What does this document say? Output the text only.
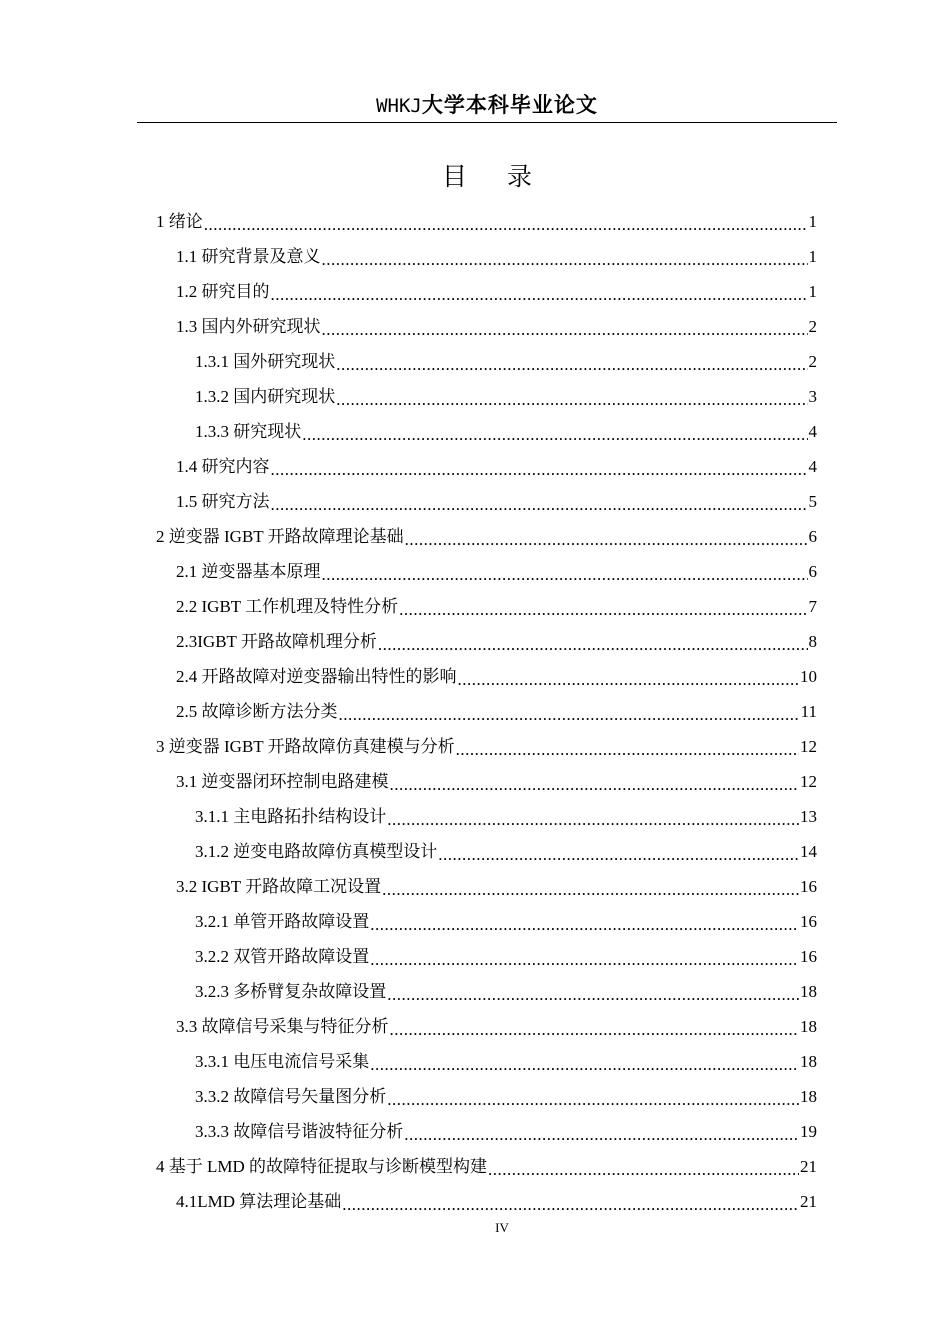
WHKJ大学本科毕业论文
目 录
1 绪论 .....	1
1.1 研究背景及意义 .....	1
1.2 研究目的 .....	1
1.3 国内外研究现状 .....	2
1.3.1 国外研究现状 .....	2
1.3.2 国内研究现状 .....	3
1.3.3 研究现状 .....	4
1.4 研究内容 .....	4
1.5 研究方法 .....	5
2 逆变器 IGBT 开路故障理论基础 .....	6
2.1 逆变器基本原理 .....	6
2.2 IGBT 工作机理及特性分析 .....	7
2.3IGBT 开路故障机理分析 .....	8
2.4 开路故障对逆变器输出特性的影响 .....	10
2.5 故障诊断方法分类 .....	11
3 逆变器 IGBT 开路故障仿真建模与分析 .....	12
3.1 逆变器闭环控制电路建模 .....	12
3.1.1 主电路拓扑结构设计 .....	13
3.1.2 逆变电路故障仿真模型设计 .....	14
3.2 IGBT 开路故障工况设置 .....	16
3.2.1 单管开路故障设置 .....	16
3.2.2 双管开路故障设置 .....	16
3.2.3 多桥臂复杂故障设置 .....	18
3.3 故障信号采集与特征分析 .....	18
3.3.1 电压电流信号采集 .....	18
3.3.2 故障信号矢量图分析 .....	18
3.3.3 故障信号谐波特征分析 .....	19
4 基于 LMD 的故障特征提取与诊断模型构建 .....	21
4.1LMD 算法理论基础 .....	21
IV
